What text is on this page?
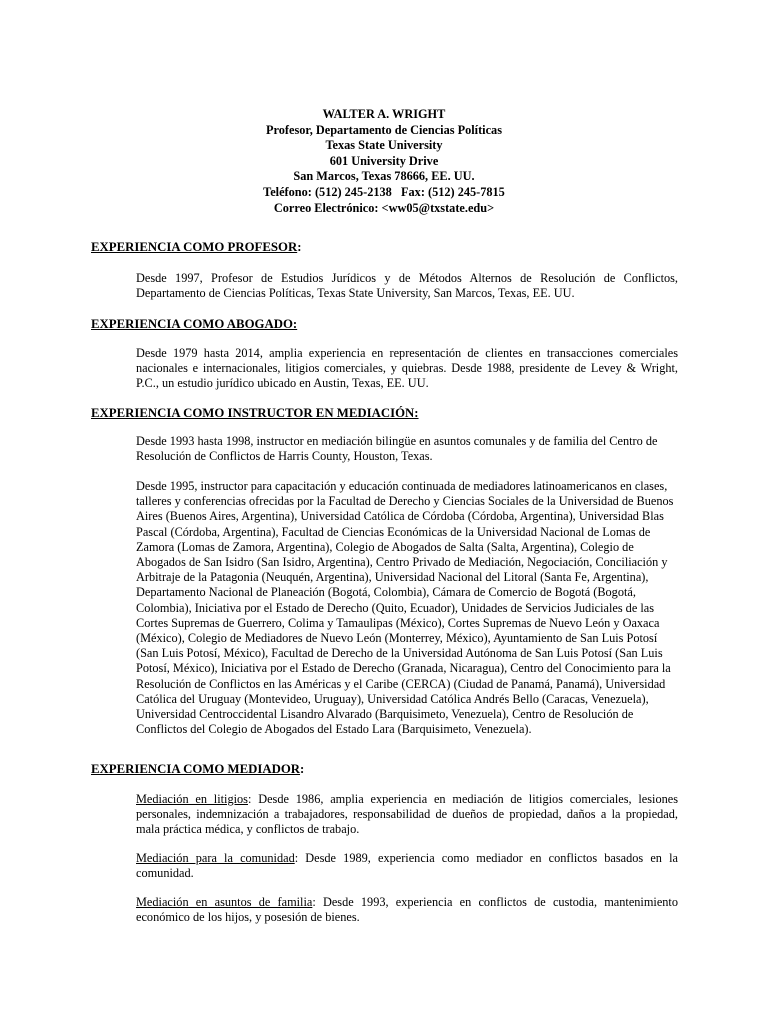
WALTER A. WRIGHT
Profesor, Departamento de Ciencias Políticas
Texas State University
601 University Drive
San Marcos, Texas 78666, EE. UU.
Teléfono: (512) 245-2138   Fax: (512) 245-7815
Correo Electrónico: <ww05@txstate.edu>
EXPERIENCIA COMO PROFESOR:
Desde 1997, Profesor de Estudios Jurídicos y de Métodos Alternos de Resolución de Conflictos, Departamento de Ciencias Políticas, Texas State University, San Marcos, Texas, EE. UU.
EXPERIENCIA COMO ABOGADO:
Desde 1979 hasta 2014, amplia experiencia en representación de clientes en transacciones comerciales nacionales e internacionales, litigios comerciales, y quiebras. Desde 1988, presidente de Levey & Wright, P.C., un estudio jurídico ubicado en Austin, Texas, EE. UU.
EXPERIENCIA COMO INSTRUCTOR EN MEDIACIÓN:
Desde 1993 hasta 1998, instructor en mediación bilingüe en asuntos comunales y de familia del Centro de Resolución de Conflictos de Harris County, Houston, Texas.
Desde 1995, instructor para capacitación y educación continuada de mediadores latinoamericanos en clases, talleres y conferencias ofrecidas por la Facultad de Derecho y Ciencias Sociales de la Universidad de Buenos Aires (Buenos Aires, Argentina), Universidad Católica de Córdoba (Córdoba, Argentina), Universidad Blas Pascal (Córdoba, Argentina), Facultad de Ciencias Económicas de la Universidad Nacional de Lomas de Zamora (Lomas de Zamora, Argentina), Colegio de Abogados de Salta (Salta, Argentina), Colegio de Abogados de San Isidro (San Isidro, Argentina), Centro Privado de Mediación, Negociación, Conciliación y Arbitraje de la Patagonia (Neuquén, Argentina), Universidad Nacional del Litoral (Santa Fe, Argentina), Departamento Nacional de Planeación (Bogotá, Colombia), Cámara de Comercio de Bogotá (Bogotá, Colombia), Iniciativa por el Estado de Derecho (Quito, Ecuador), Unidades de Servicios Judiciales de las Cortes Supremas de Guerrero, Colima y Tamaulipas (México), Cortes Supremas de Nuevo León y Oaxaca (México), Colegio de Mediadores de Nuevo León (Monterrey, México), Ayuntamiento de San Luis Potosí (San Luis Potosí, México), Facultad de Derecho de la Universidad Autónoma de San Luis Potosí (San Luis Potosí, México), Iniciativa por el Estado de Derecho (Granada, Nicaragua), Centro del Conocimiento para la Resolución de Conflictos en las Américas y el Caribe (CERCA) (Ciudad de Panamá, Panamá), Universidad Católica del Uruguay (Montevideo, Uruguay), Universidad Católica Andrés Bello (Caracas, Venezuela), Universidad Centroccidental Lisandro Alvarado (Barquisimeto, Venezuela), Centro de Resolución de Conflictos del Colegio de Abogados del Estado Lara (Barquisimeto, Venezuela).
EXPERIENCIA COMO MEDIADOR:
Mediación en litigios: Desde 1986, amplia experiencia en mediación de litigios comerciales, lesiones personales, indemnización a trabajadores, responsabilidad de dueños de propiedad, daños a la propiedad, mala práctica médica, y conflictos de trabajo.
Mediación para la comunidad: Desde 1989, experiencia como mediador en conflictos basados en la comunidad.
Mediación en asuntos de familia: Desde 1993, experiencia en conflictos de custodia, mantenimiento económico de los hijos, y posesión de bienes.
